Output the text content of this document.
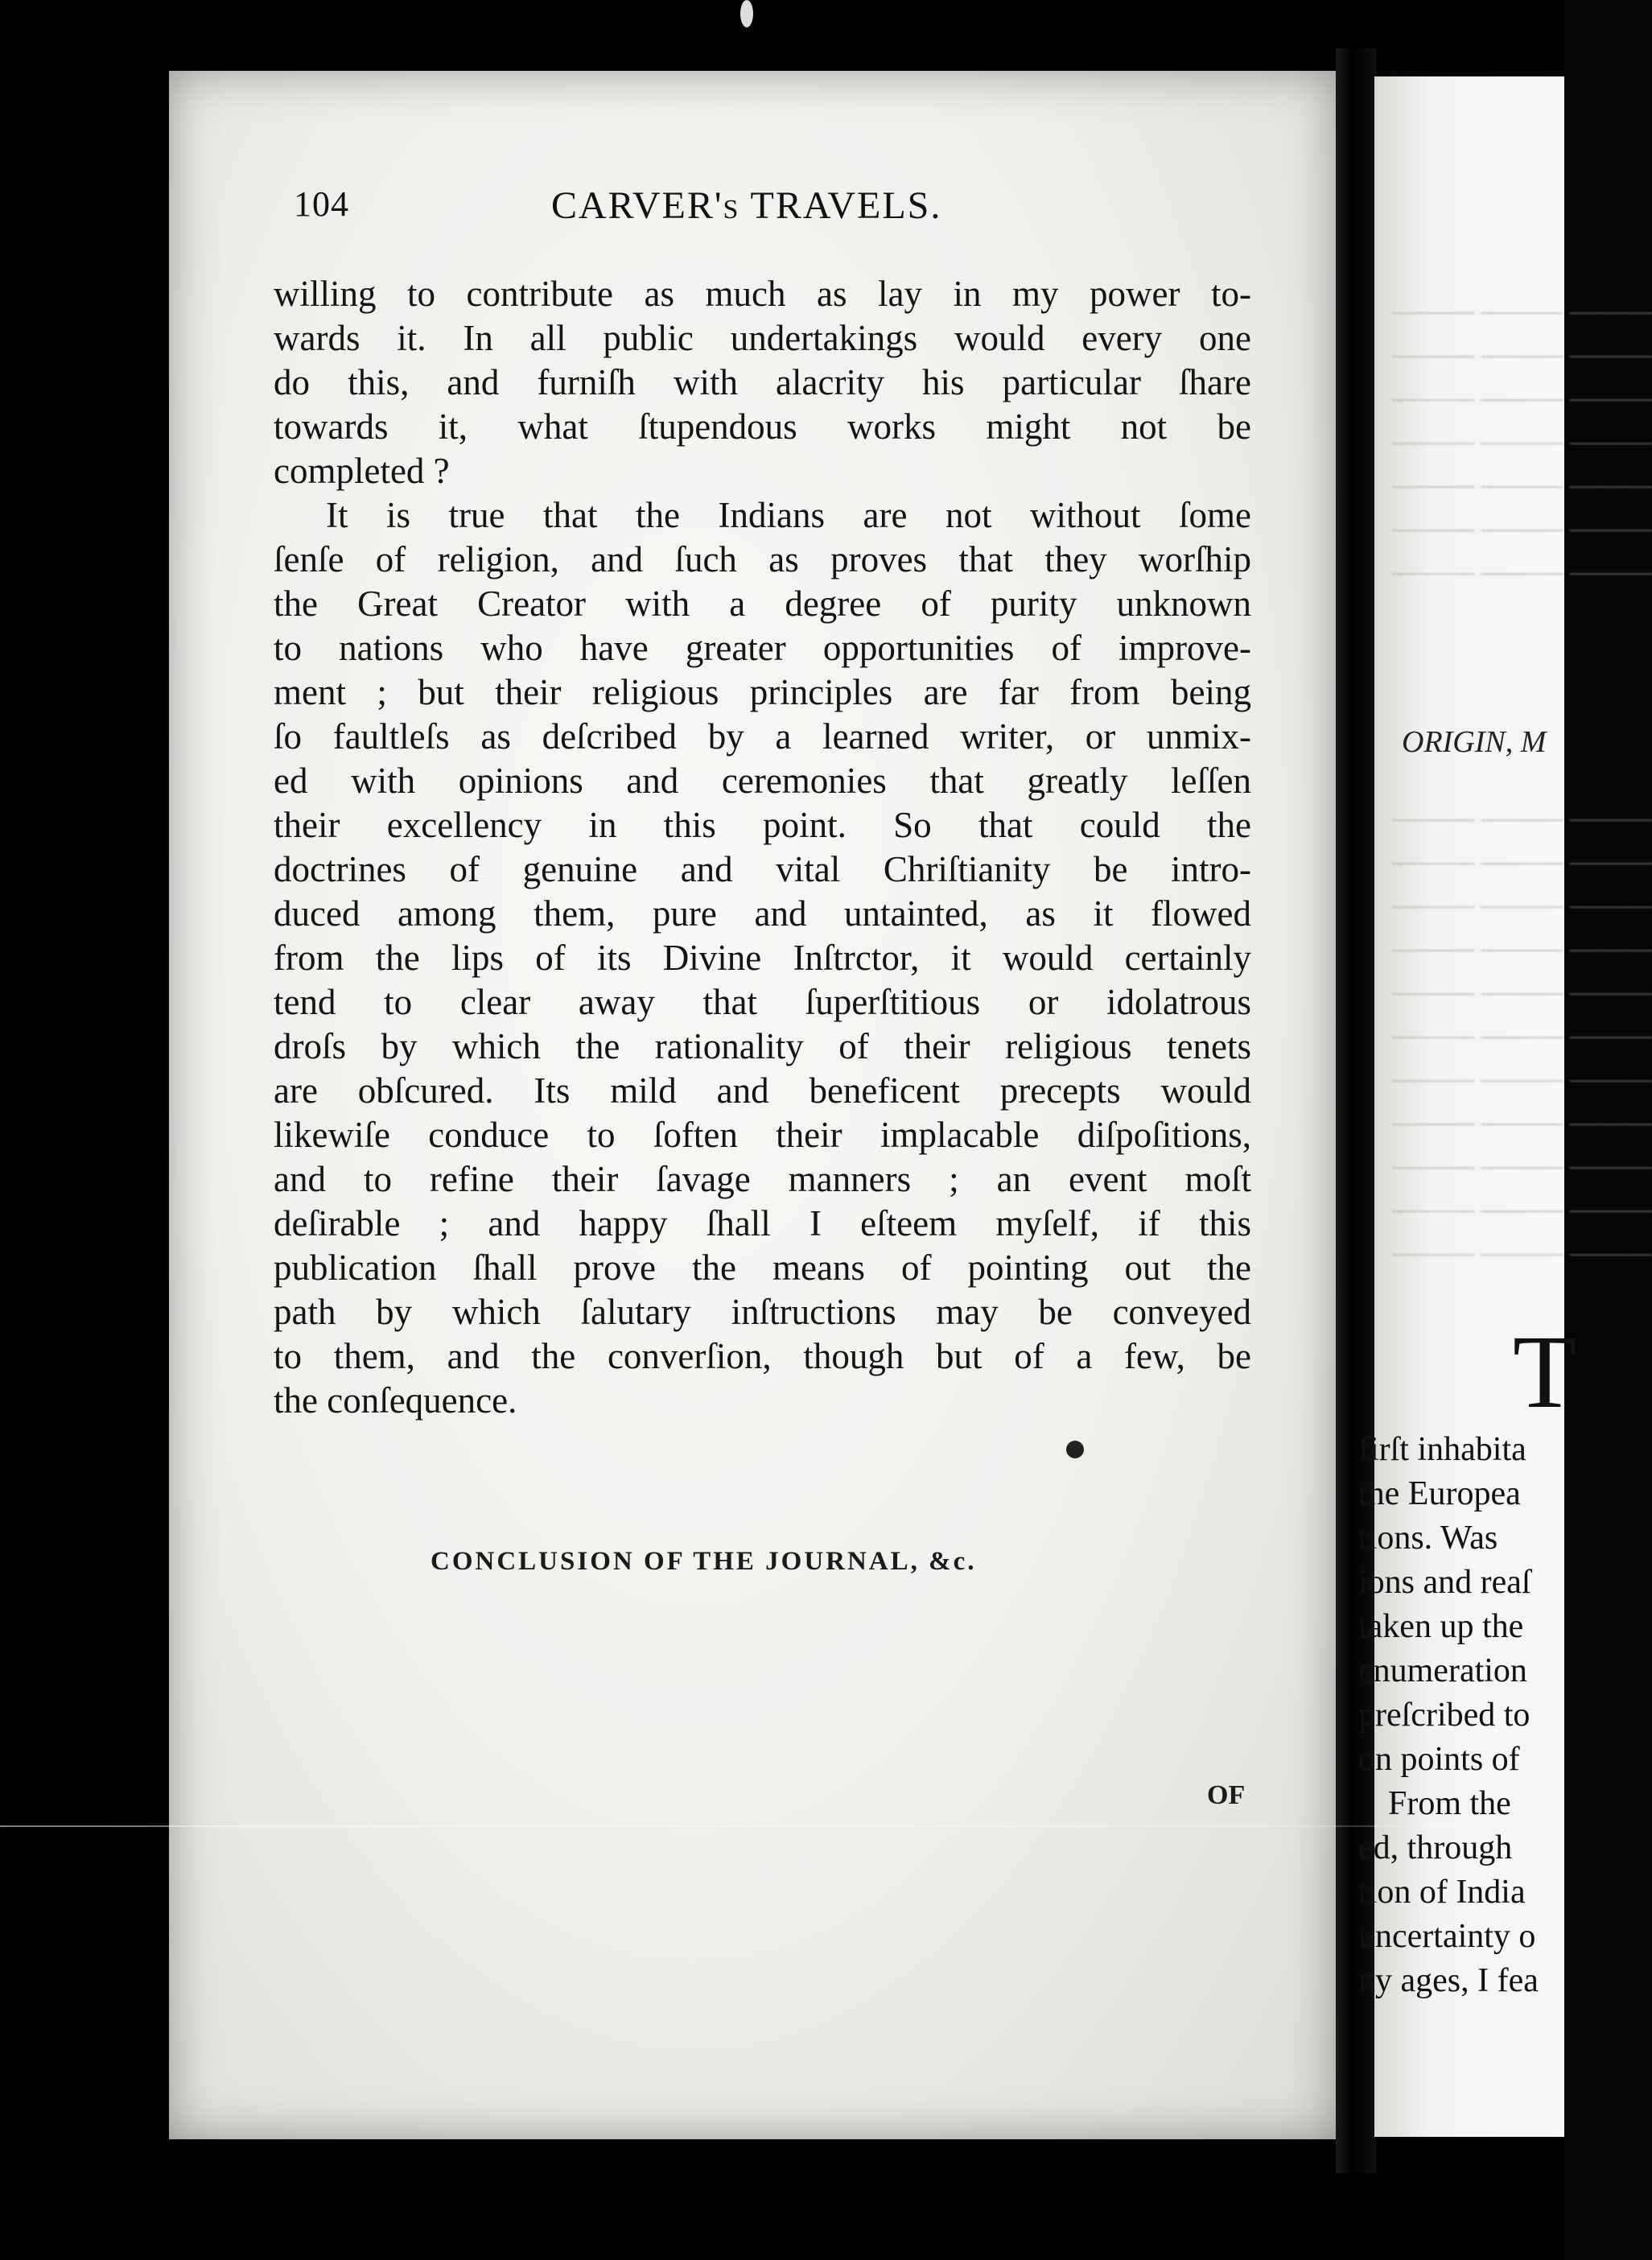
104	CARVER's TRAVELS.
willing to contribute as much as lay in my power to-
wards it. In all public undertakings would every one
do this, and furniſh with alacrity his particular ſhare
towards it, what ſtupendous works might not be
completed ?
It is true that the Indians are not without ſome
ſenſe of religion, and ſuch as proves that they worſhip
the Great Creator with a degree of purity unknown
to nations who have greater opportunities of improve-
ment ; but their religious principles are far from being
ſo faultleſs as deſcribed by a learned writer, or unmix-
ed with opinions and ceremonies that greatly leſſen
their excellency in this point. So that could the
doctrines of genuine and vital Chriſtianity be intro-
duced among them, pure and untainted, as it flowed
from the lips of its Divine Inſtrctor, it would certainly
tend to clear away that ſuperſtitious or idolatrous
droſs by which the rationality of their religious tenets
are obſcured. Its mild and beneficent precepts would
likewiſe conduce to ſoften their implacable diſpoſitions,
and to refine their ſavage manners ; an event moſt
deſirable ; and happy ſhall I eſteem myſelf, if this
publication ſhall prove the means of pointing out the
path by which ſalutary inſtructions may be conveyed
to them, and the converſion, though but of a few, be
the conſequence.
CONCLUSION OF THE JOURNAL, &c.
OF
——— ——— ———
——— ——— ———
——— ——— ———
——— ——— ———
——— ——— ———
——— ——— ———
——— ——— ———
——— ——— ———
——— ——— ———
——— ——— ———
——— ——— ———
——— ——— ———
——— ——— ———
——— ——— ———
——— ——— ———
——— ——— ———
——— ——— ———
——— ——— ———
ORIGIN, M
T
firſt inhabita
the Europea
tions. Was
ions and reaſ
taken up the
enumeration
preſcribed to
on points of
From the
ed, through
tion of India
uncertainty o
ny ages, I fea
